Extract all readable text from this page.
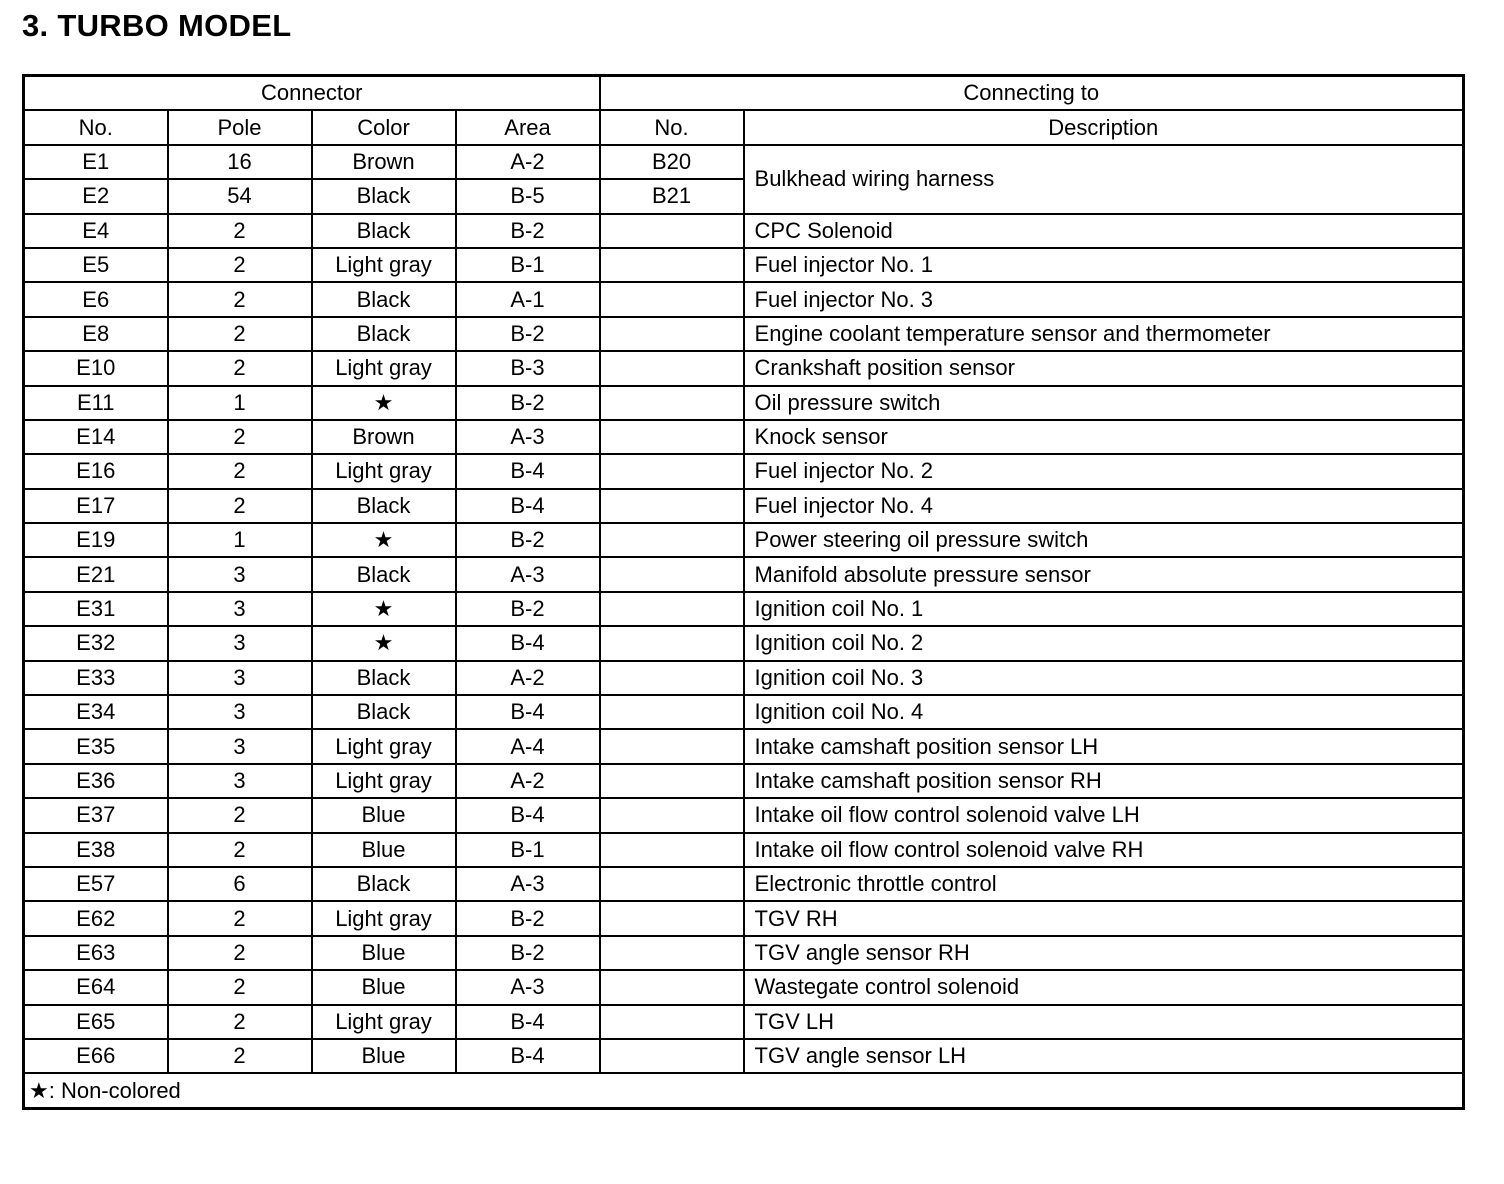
3. TURBO MODEL
Connector				Connecting to	
No.	Pole	Color	Area	No.	Description
E1	16	Brown	A-2	B20	Bulkhead wiring harness
E2	54	Black	B-5	B21	
E4	2	Black	B-2		CPC Solenoid
E5	2	Light gray	B-1		Fuel injector No. 1
E6	2	Black	A-1		Fuel injector No. 3
E8	2	Black	B-2		Engine coolant temperature sensor and thermometer
E10	2	Light gray	B-3		Crankshaft position sensor
E11	1	★	B-2		Oil pressure switch
E14	2	Brown	A-3		Knock sensor
E16	2	Light gray	B-4		Fuel injector No. 2
E17	2	Black	B-4		Fuel injector No. 4
E19	1	★	B-2		Power steering oil pressure switch
E21	3	Black	A-3		Manifold absolute pressure sensor
E31	3	★	B-2		Ignition coil No. 1
E32	3	★	B-4		Ignition coil No. 2
E33	3	Black	A-2		Ignition coil No. 3
E34	3	Black	B-4		Ignition coil No. 4
E35	3	Light gray	A-4		Intake camshaft position sensor LH
E36	3	Light gray	A-2		Intake camshaft position sensor RH
E37	2	Blue	B-4		Intake oil flow control solenoid valve LH
E38	2	Blue	B-1		Intake oil flow control solenoid valve RH
E57	6	Black	A-3		Electronic throttle control
E62	2	Light gray	B-2		TGV RH
E63	2	Blue	B-2		TGV angle sensor RH
E64	2	Blue	A-3		Wastegate control solenoid
E65	2	Light gray	B-4		TGV LH
E66	2	Blue	B-4		TGV angle sensor LH
★: Non-colored					
